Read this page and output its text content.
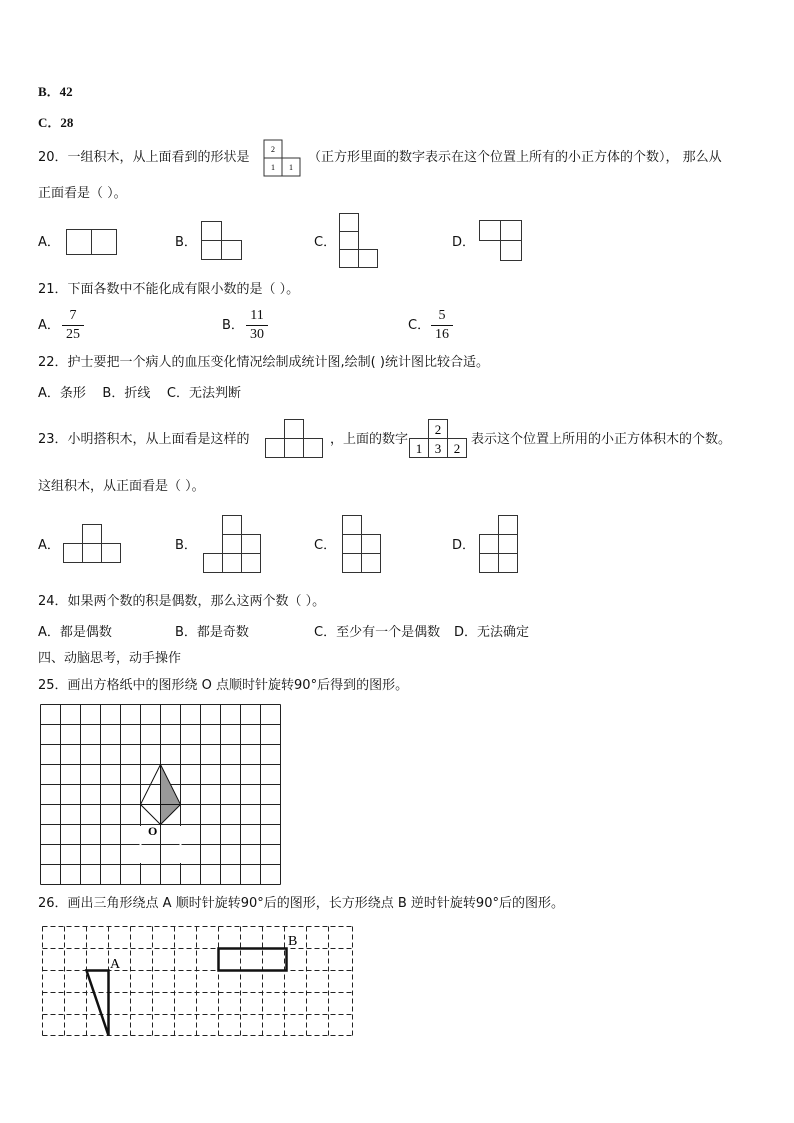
B．42
C．28
20．一组积木，从上面看到的形状是
2
1 1
（正方形里面的数字表示在这个位置上所有的小正方体的个数）， 那么从
正面看是（ ）。
A．	B．	C．	D．
21．下面各数中不能化成有限小数的是（ ）。
A．
7
25
B．
11
30
C．
5
16
22．护士要把一个病人的血压变化情况绘制成统计图,绘制( )统计图比较合适。
A．条形    B．折线    C．无法判断
23．小明搭积木，从上面看是这样的	，上面的数字
2
1 3 2
表示这个位置上所用的小正方体积木的个数。
这组积木，从正面看是（ ）。
A．	B．	C．	D．
24．如果两个数的积是偶数，那么这两个数（ ）。
A．都是偶数	B．都是奇数	C．至少有一个是偶数 D．无法确定
四、动脑思考，动手操作
25．画出方格纸中的图形绕 O 点顺时针旋转90°后得到的图形。
O
26．画出三角形绕点 A 顺时针旋转90°后的图形，长方形绕点 B 逆时针旋转90°后的图形。
A
B
